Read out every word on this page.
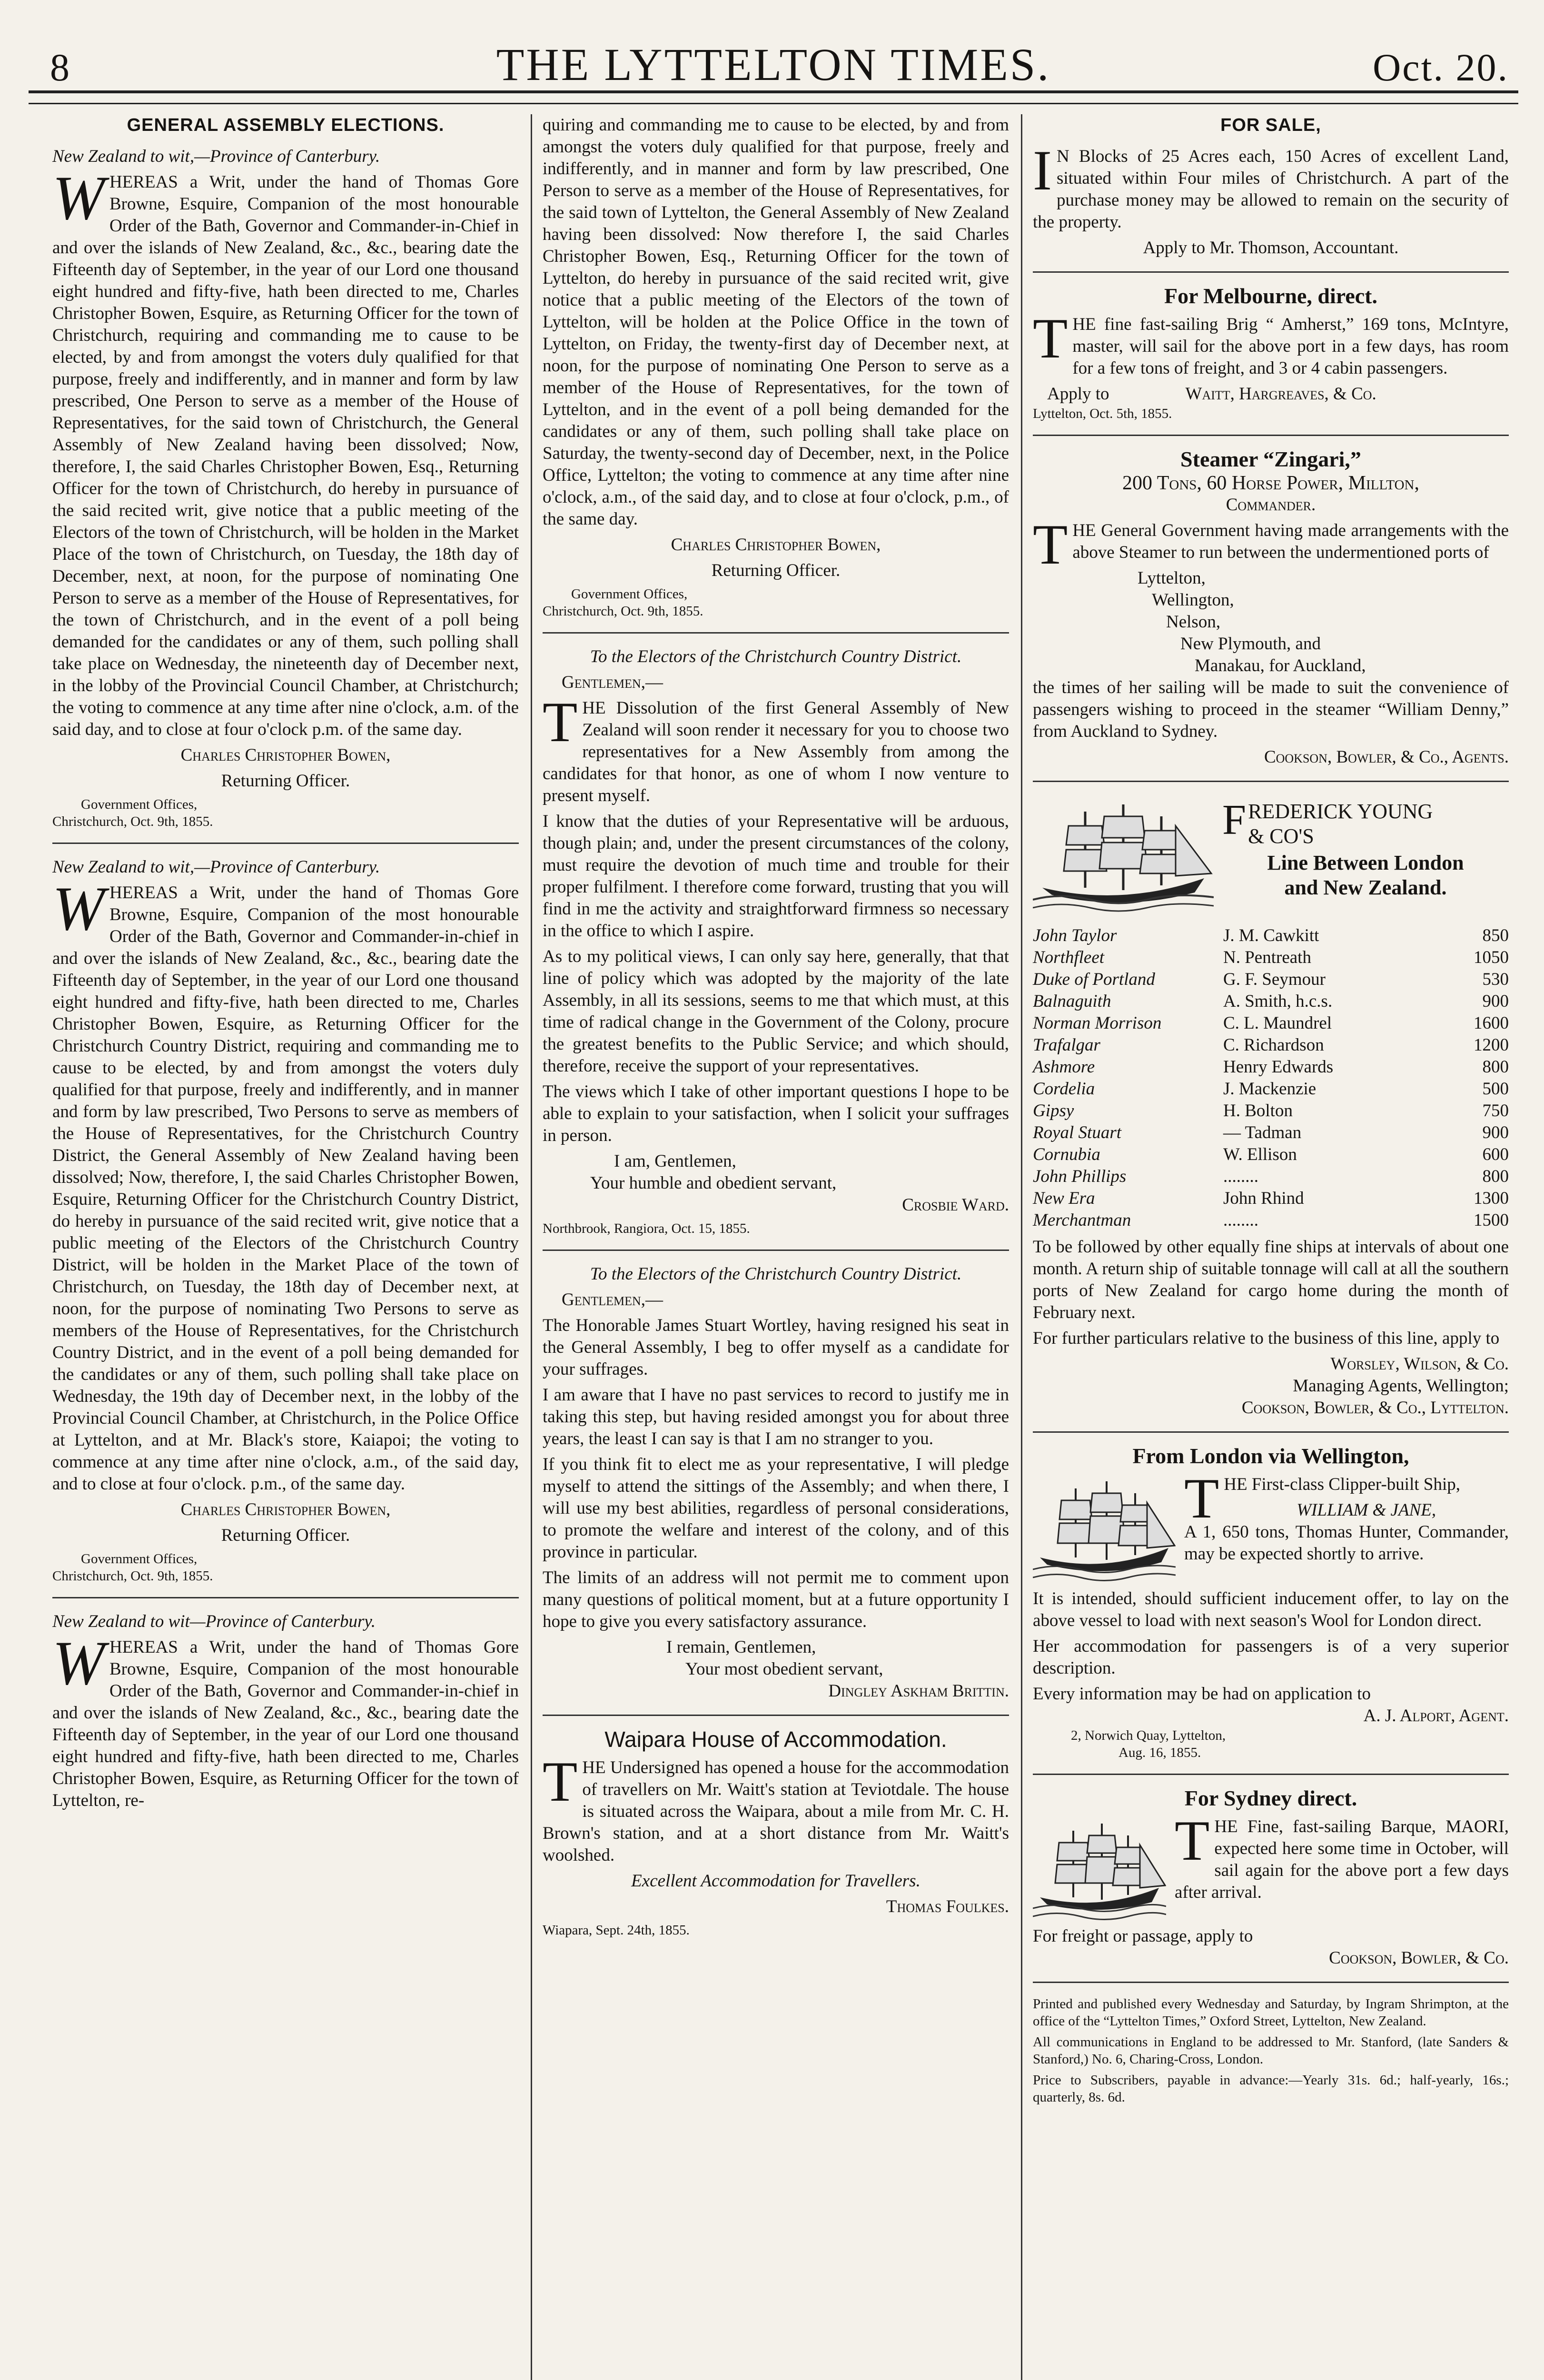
8	THE LYTTELTON TIMES.	Oct. 20.
GENERAL ASSEMBLY ELECTIONS.

New Zealand to wit,—Province of Canterbury.

WHEREAS a Writ, under the hand of Thomas Gore Browne, Esquire, Companion of the most honourable Order of the Bath, Governor and Commander-in-Chief in and over the islands of New Zealand, &c., &c., bearing date the Fifteenth day of September, in the year of our Lord one thousand eight hundred and fifty-five, hath been directed to me, Charles Christopher Bowen, Esquire, as Returning Officer for the town of Christchurch, requiring and commanding me to cause to be elected, by and from amongst the voters duly qualified for that purpose, freely and indifferently, and in manner and form by law prescribed, One Person to serve as a member of the House of Representatives, for the said town of Christchurch, the General Assembly of New Zealand having been dissolved; Now, therefore, I, the said Charles Christopher Bowen, Esq., Returning Officer for the town of Christchurch, do hereby in pursuance of the said recited writ, give notice that a public meeting of the Electors of the town of Christchurch, will be holden in the Market Place of the town of Christchurch, on Tuesday, the 18th day of December, next, at noon, for the purpose of nominating One Person to serve as a member of the House of Representatives, for the town of Christchurch, and in the event of a poll being demanded for the candidates or any of them, such polling shall take place on Wednesday, the nineteenth day of December next, in the lobby of the Provincial Council Chamber, at Christchurch; the voting to commence at any time after nine o'clock, a.m. of the said day, and to close at four o'clock p.m. of the same day.

Charles Christopher Bowen,

Returning Officer.

Government Offices,

Christchurch, Oct. 9th, 1855.

New Zealand to wit,—Province of Canterbury.

WHEREAS a Writ, under the hand of Thomas Gore Browne, Esquire, Companion of the most honourable Order of the Bath, Governor and Commander-in-chief in and over the islands of New Zealand, &c., &c., bearing date the Fifteenth day of September, in the year of our Lord one thousand eight hundred and fifty-five, hath been directed to me, Charles Christopher Bowen, Esquire, as Returning Officer for the Christchurch Country District, requiring and commanding me to cause to be elected, by and from amongst the voters duly qualified for that purpose, freely and indifferently, and in manner and form by law prescribed, Two Persons to serve as members of the House of Representatives, for the Christchurch Country District, the General Assembly of New Zealand having been dissolved; Now, therefore, I, the said Charles Christopher Bowen, Esquire, Returning Officer for the Christchurch Country District, do hereby in pursuance of the said recited writ, give notice that a public meeting of the Electors of the Christchurch Country District, will be holden in the Market Place of the town of Christchurch, on Tuesday, the 18th day of December next, at noon, for the purpose of nominating Two Persons to serve as members of the House of Representatives, for the Christchurch Country District, and in the event of a poll being demanded for the candidates or any of them, such polling shall take place on Wednesday, the 19th day of December next, in the lobby of the Provincial Council Chamber, at Christchurch, in the Police Office at Lyttelton, and at Mr. Black's store, Kaiapoi; the voting to commence at any time after nine o'clock, a.m., of the said day, and to close at four o'clock. p.m., of the same day.

Charles Christopher Bowen,

Returning Officer.

Government Offices,

Christchurch, Oct. 9th, 1855.

New Zealand to wit—Province of Canterbury.

WHEREAS a Writ, under the hand of Thomas Gore Browne, Esquire, Companion of the most honourable Order of the Bath, Governor and Commander-in-chief in and over the islands of New Zealand, &c., &c., bearing date the Fifteenth day of September, in the year of our Lord one thousand eight hundred and fifty-five, hath been directed to me, Charles Christopher Bowen, Esquire, as Returning Officer for the town of Lyttelton, re-

quiring and commanding me to cause to be elected, by and from amongst the voters duly qualified for that purpose, freely and indifferently, and in manner and form by law prescribed, One Person to serve as a member of the House of Representatives, for the said town of Lyttelton, the General Assembly of New Zealand having been dissolved: Now therefore I, the said Charles Christopher Bowen, Esq., Returning Officer for the town of Lyttelton, do hereby in pursuance of the said recited writ, give notice that a public meeting of the Electors of the town of Lyttelton, will be holden at the Police Office in the town of Lyttelton, on Friday, the twenty-first day of December next, at noon, for the purpose of nominating One Person to serve as a member of the House of Representatives, for the town of Lyttelton, and in the event of a poll being demanded for the candidates or any of them, such polling shall take place on Saturday, the twenty-second day of December, next, in the Police Office, Lyttelton; the voting to commence at any time after nine o'clock, a.m., of the said day, and to close at four o'clock, p.m., of the same day.

Charles Christopher Bowen,

Returning Officer.

Government Offices,

Christchurch, Oct. 9th, 1855.

To the Electors of the Christchurch Country District.

Gentlemen,—

THE Dissolution of the first General Assembly of New Zealand will soon render it necessary for you to choose two representatives for a New Assembly from among the candidates for that honor, as one of whom I now venture to present myself.

I know that the duties of your Representative will be arduous, though plain; and, under the present circumstances of the colony, must require the devotion of much time and trouble for their proper fulfilment. I therefore come forward, trusting that you will find in me the activity and straightforward firmness so necessary in the office to which I aspire.

As to my political views, I can only say here, generally, that that line of policy which was adopted by the majority of the late Assembly, in all its sessions, seems to me that which must, at this time of radical change in the Government of the Colony, procure the greatest benefits to the Public Service; and which should, therefore, receive the support of your representatives.

The views which I take of other important questions I hope to be able to explain to your satisfaction, when I solicit your suffrages in person.

I am, Gentlemen,

Your humble and obedient servant,

Crosbie Ward.

Northbrook, Rangiora, Oct. 15, 1855.

To the Electors of the Christchurch Country District.

Gentlemen,—

The Honorable James Stuart Wortley, having resigned his seat in the General Assembly, I beg to offer myself as a candidate for your suffrages.

I am aware that I have no past services to record to justify me in taking this step, but having resided amongst you for about three years, the least I can say is that I am no stranger to you.

If you think fit to elect me as your representative, I will pledge myself to attend the sittings of the Assembly; and when there, I will use my best abilities, regardless of personal considerations, to promote the welfare and interest of the colony, and of this province in particular.

The limits of an address will not permit me to comment upon many questions of political moment, but at a future opportunity I hope to give you every satisfactory assurance.

I remain, Gentlemen,

Your most obedient servant,

Dingley Askham Brittin.

Waipara House of Accommodation.

THE Undersigned has opened a house for the accommodation of travellers on Mr. Waitt's station at Teviotdale. The house is situated across the Waipara, about a mile from Mr. C. H. Brown's station, and at a short distance from Mr. Waitt's woolshed.

Excellent Accommodation for Travellers.

Thomas Foulkes.

Wiapara, Sept. 24th, 1855.

FOR SALE,

I N Blocks of 25 Acres each, 150 Acres of excellent Land, situated within Four miles of Christchurch. A part of the purchase money may be allowed to remain on the security of the property.

Apply to Mr. Thomson, Accountant.

For Melbourne, direct.

THE fine fast-sailing Brig “ Amherst,” 169 tons, McIntyre, master, will sail for the above port in a few days, has room for a few tons of freight, and 3 or 4 cabin passengers.

Apply to	Waitt, Hargreaves, & Co.

Lyttelton, Oct. 5th, 1855.

Steamer “Zingari,”

200 Tons, 60 Horse Power, Millton,

Commander.

THE General Government having made arrangements with the above Steamer to run between the undermentioned ports of

Lyttelton,

Wellington,

Nelson,

New Plymouth, and

Manakau, for Auckland,

the times of her sailing will be made to suit the convenience of passengers wishing to proceed in the steamer “William Denny,” from Auckland to Sydney.

Cookson, Bowler, & Co., Agents.

FREDERICK YOUNG

& CO'S

Line Between London

and New Zealand.

John Taylor	J. M. Cawkitt	850
Northfleet	N. Pentreath	1050
Duke of Portland	G. F. Seymour	530
Balnaguith	A. Smith, h.c.s.	900
Norman Morrison	C. L. Maundrel	1600
Trafalgar	C. Richardson	1200
Ashmore	Henry Edwards	800
Cordelia	J. Mackenzie	500
Gipsy	H. Bolton	750
Royal Stuart	— Tadman	900
Cornubia	W. Ellison	600
John Phillips	........	800
New Era	John Rhind	1300
Merchantman	........	1500

To be followed by other equally fine ships at intervals of about one month. A return ship of suitable tonnage will call at all the southern ports of New Zealand for cargo home during the month of February next.

For further particulars relative to the business of this line, apply to

Worsley, Wilson, & Co.

Managing Agents, Wellington;

Cookson, Bowler, & Co., Lyttelton.

From London via Wellington,

THE First-class Clipper-built Ship,

WILLIAM & JANE,

A 1, 650 tons, Thomas Hunter, Commander, may be expected shortly to arrive.

It is intended, should sufficient inducement offer, to lay on the above vessel to load with next season's Wool for London direct.

Her accommodation for passengers is of a very superior description.

Every information may be had on application to

A. J. Alport, Agent.

2, Norwich Quay, Lyttelton,

Aug. 16, 1855.

For Sydney direct.

THE Fine, fast-sailing Barque, MAORI, expected here some time in October, will sail again for the above port a few days after arrival.

For freight or passage, apply to

Cookson, Bowler, & Co.

Printed and published every Wednesday and Saturday, by Ingram Shrimpton, at the office of the “Lyttelton Times,” Oxford Street, Lyttelton, New Zealand.

All communications in England to be addressed to Mr. Stanford, (late Sanders & Stanford,) No. 6, Charing-Cross, London.

Price to Subscribers, payable in advance:—Yearly 31s. 6d.; half-yearly, 16s.; quarterly, 8s. 6d.
